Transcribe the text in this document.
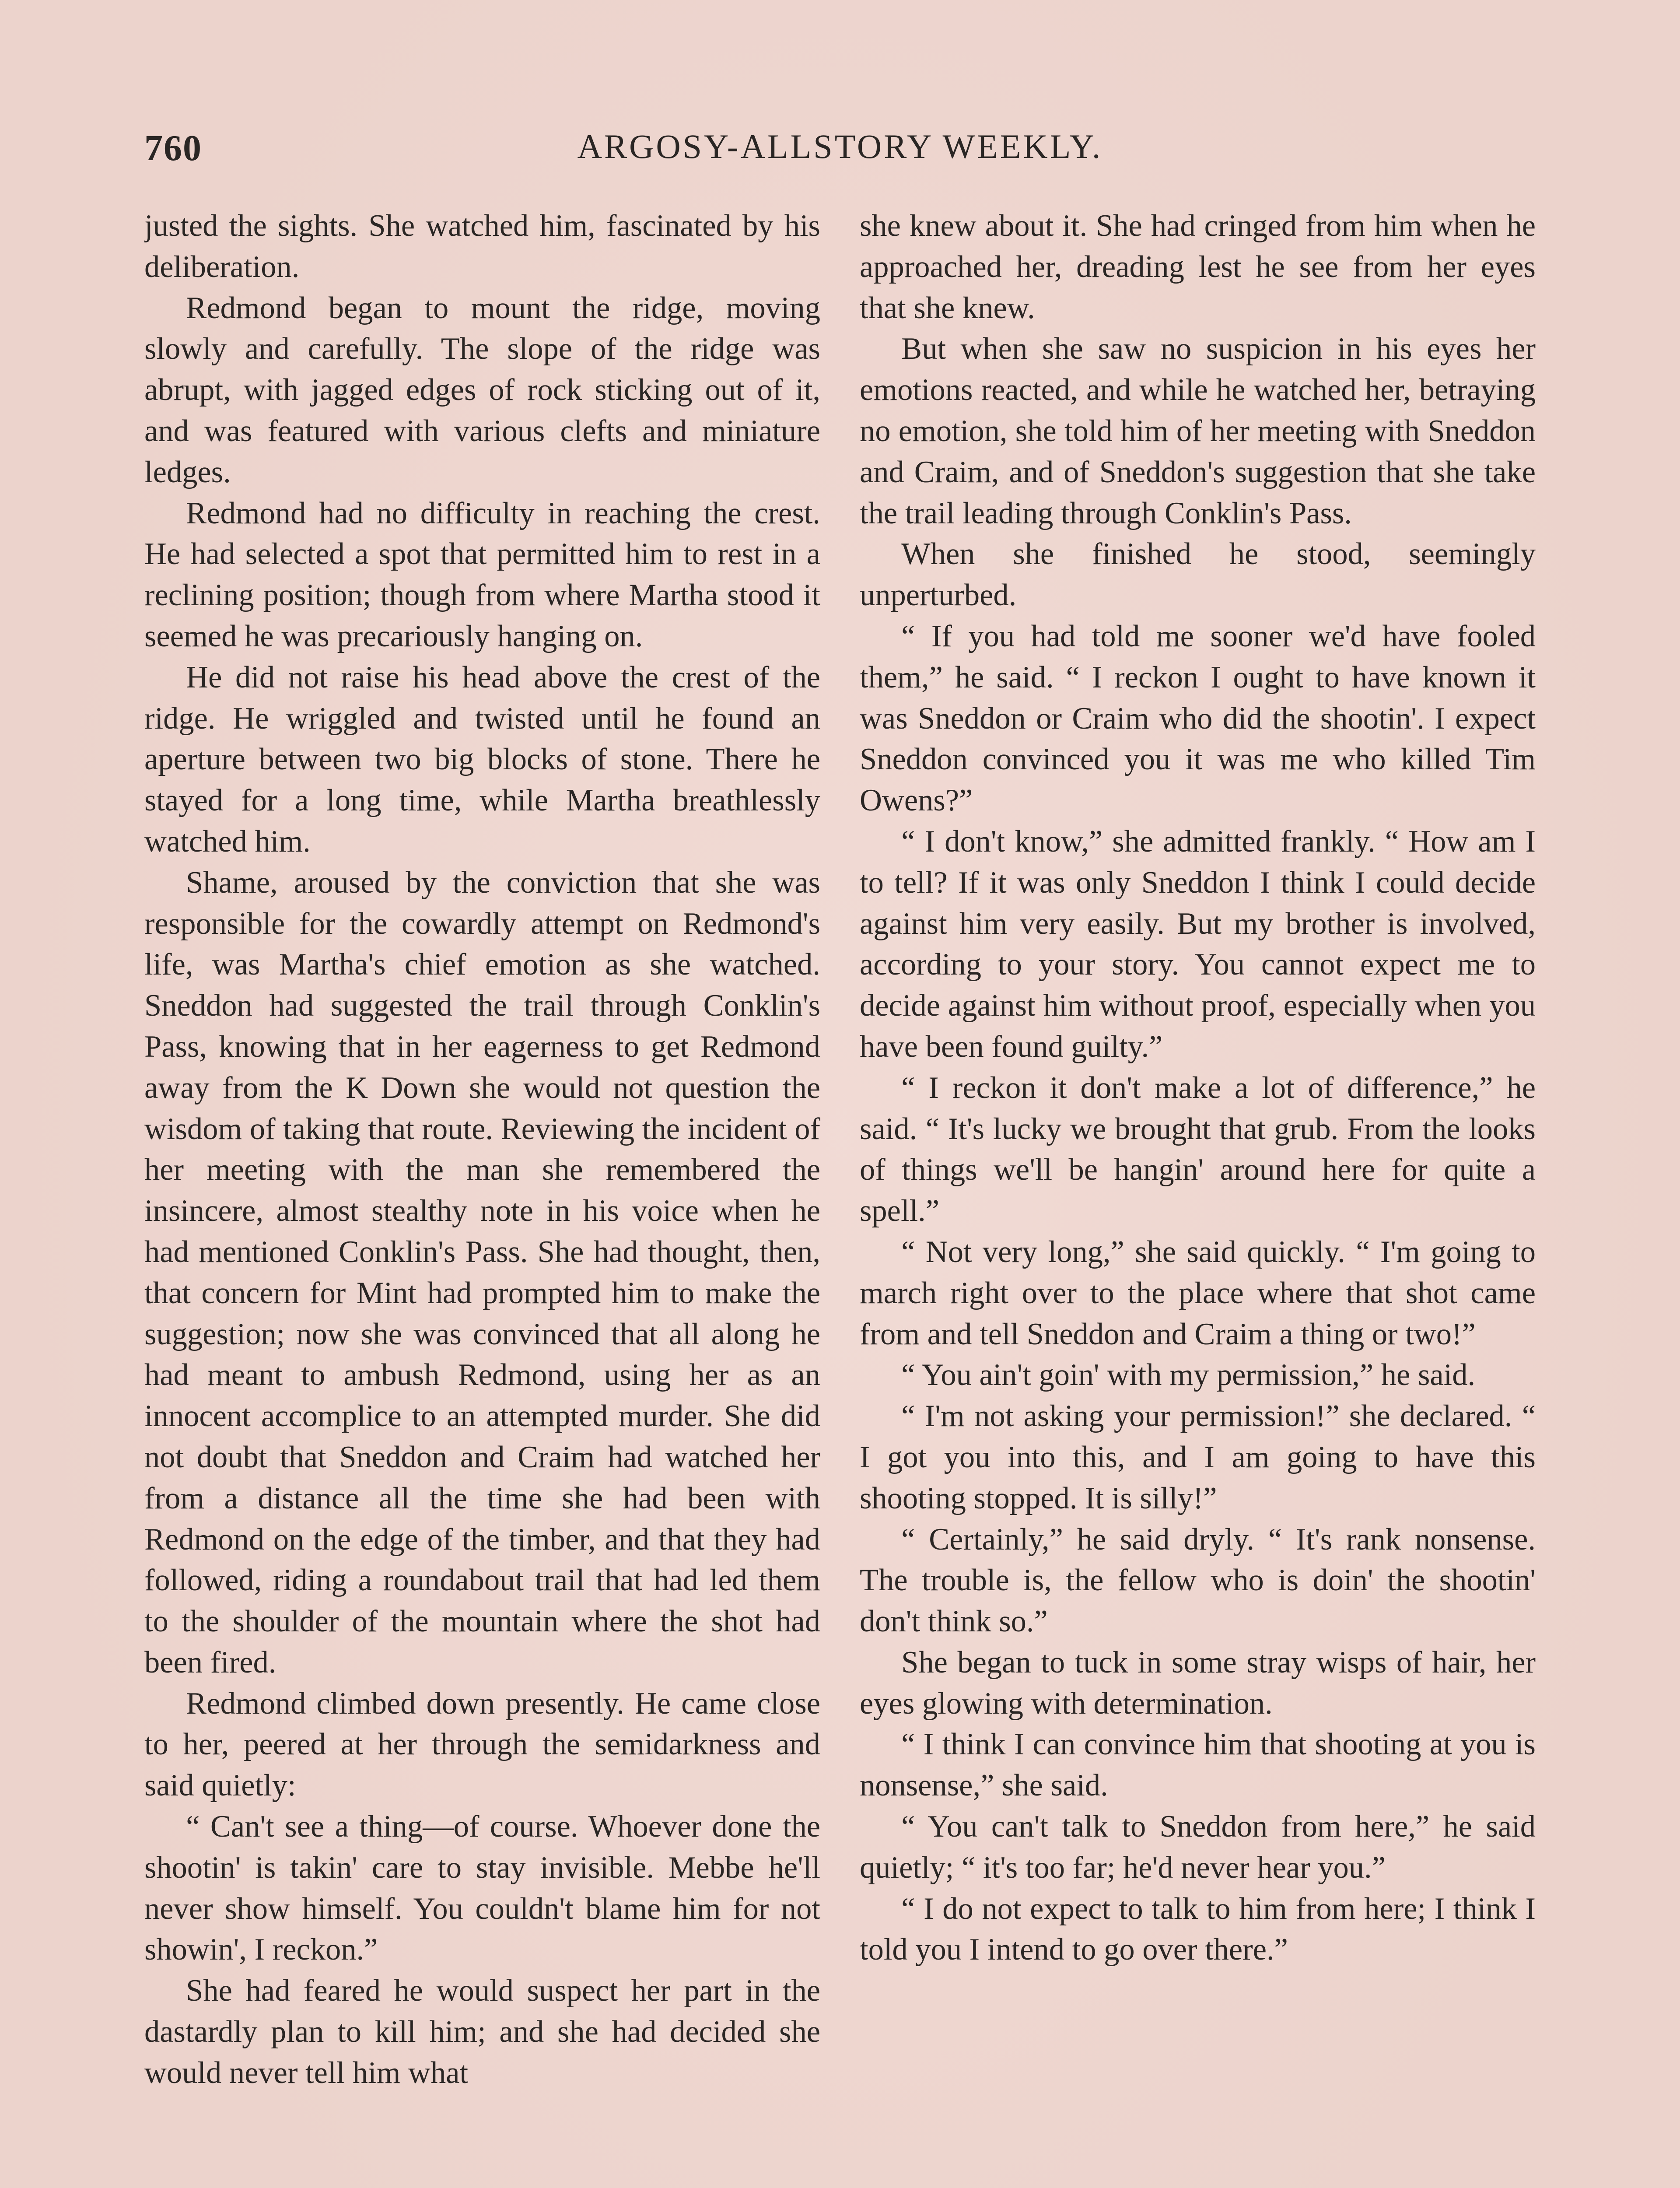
760	ARGOSY-ALLSTORY WEEKLY.

justed the sights. She watched him, fascinated by his deliberation.

Redmond began to mount the ridge, moving slowly and carefully. The slope of the ridge was abrupt, with jagged edges of rock sticking out of it, and was featured with various clefts and miniature ledges.

Redmond had no difficulty in reaching the crest. He had selected a spot that permitted him to rest in a reclining position; though from where Martha stood it seemed he was precariously hanging on.

He did not raise his head above the crest of the ridge. He wriggled and twisted until he found an aperture between two big blocks of stone. There he stayed for a long time, while Martha breathlessly watched him.

Shame, aroused by the conviction that she was responsible for the cowardly attempt on Redmond's life, was Martha's chief emotion as she watched. Sneddon had suggested the trail through Conklin's Pass, knowing that in her eagerness to get Redmond away from the K Down she would not question the wisdom of taking that route. Reviewing the incident of her meeting with the man she remembered the insincere, almost stealthy note in his voice when he had mentioned Conklin's Pass. She had thought, then, that concern for Mint had prompted him to make the suggestion; now she was convinced that all along he had meant to ambush Redmond, using her as an innocent accomplice to an attempted murder. She did not doubt that Sneddon and Craim had watched her from a distance all the time she had been with Redmond on the edge of the timber, and that they had followed, riding a roundabout trail that had led them to the shoulder of the mountain where the shot had been fired.

Redmond climbed down presently. He came close to her, peered at her through the semidarkness and said quietly:

“ Can't see a thing—of course. Whoever done the shootin' is takin' care to stay invisible. Mebbe he'll never show himself. You couldn't blame him for not showin', I reckon.”

She had feared he would suspect her part in the dastardly plan to kill him; and she had decided she would never tell him what

she knew about it. She had cringed from him when he approached her, dreading lest he see from her eyes that she knew.

But when she saw no suspicion in his eyes her emotions reacted, and while he watched her, betraying no emotion, she told him of her meeting with Sneddon and Craim, and of Sneddon's suggestion that she take the trail leading through Conklin's Pass.

When she finished he stood, seemingly unperturbed.

“ If you had told me sooner we'd have fooled them,” he said. “ I reckon I ought to have known it was Sneddon or Craim who did the shootin'. I expect Sneddon convinced you it was me who killed Tim Owens?”

“ I don't know,” she admitted frankly. “ How am I to tell? If it was only Sneddon I think I could decide against him very easily. But my brother is involved, according to your story. You cannot expect me to decide against him without proof, especially when you have been found guilty.”

“ I reckon it don't make a lot of difference,” he said. “ It's lucky we brought that grub. From the looks of things we'll be hangin' around here for quite a spell.”

“ Not very long,” she said quickly. “ I'm going to march right over to the place where that shot came from and tell Sneddon and Craim a thing or two!”

“ You ain't goin' with my permission,” he said.

“ I'm not asking your permission!” she declared. “ I got you into this, and I am going to have this shooting stopped. It is silly!”

“ Certainly,” he said dryly. “ It's rank nonsense. The trouble is, the fellow who is doin' the shootin' don't think so.”

She began to tuck in some stray wisps of hair, her eyes glowing with determination.

“ I think I can convince him that shooting at you is nonsense,” she said.

“ You can't talk to Sneddon from here,” he said quietly; “ it's too far; he'd never hear you.”

“ I do not expect to talk to him from here; I think I told you I intend to go over there.”
